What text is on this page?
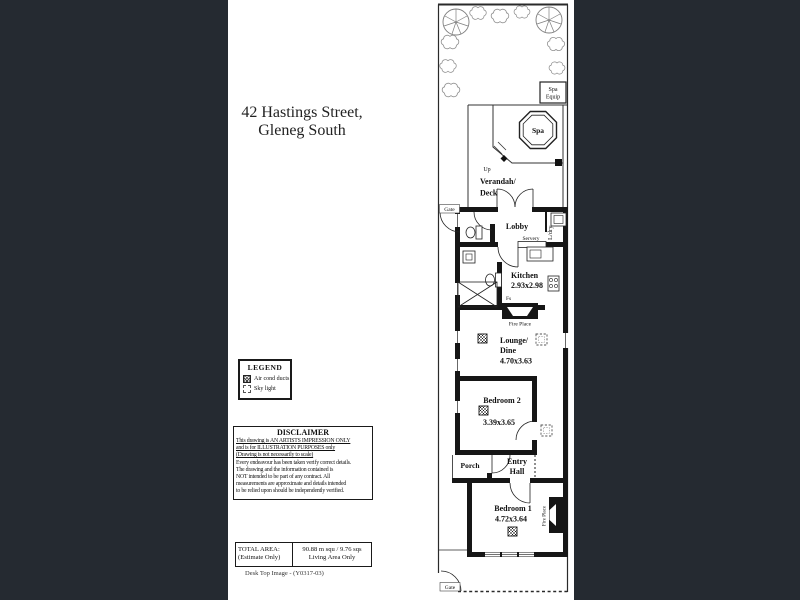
42 Hastings Street,
Gleneg South
LEGEND
Air cond ducts
Sky light
DISCLAIMER
This drawing is AN ARTISTS IMPRESSION ONLY
and is for ILLUSTRATION PURPOSES only
(Drawing is not necessarily to scale)
Every endeavour has been taken verify correct details.
The drawing and the information contained is
NOT intended to be part of any contract. All
measurements are approximate and details intended
to be relied upon should be independently verified.
TOTAL AREA:
(Estimate Only)
90.88 m squ / 9.76 sqs
Living Area Only
Desk Top Image - (Y0317-03)
Spa
Equip
Spa
Up
Verandah/
Deck
Gate
Lobby
Servery L/dry
Kitchen
2.93x2.98
Fs
Fire Place
Lounge/
Dine
4.70x3.63
Bedroom 2
3.39x3.65
Porch	Entry
Hall
Bedroom 1
4.72x3.64	Fire Place
Gate
